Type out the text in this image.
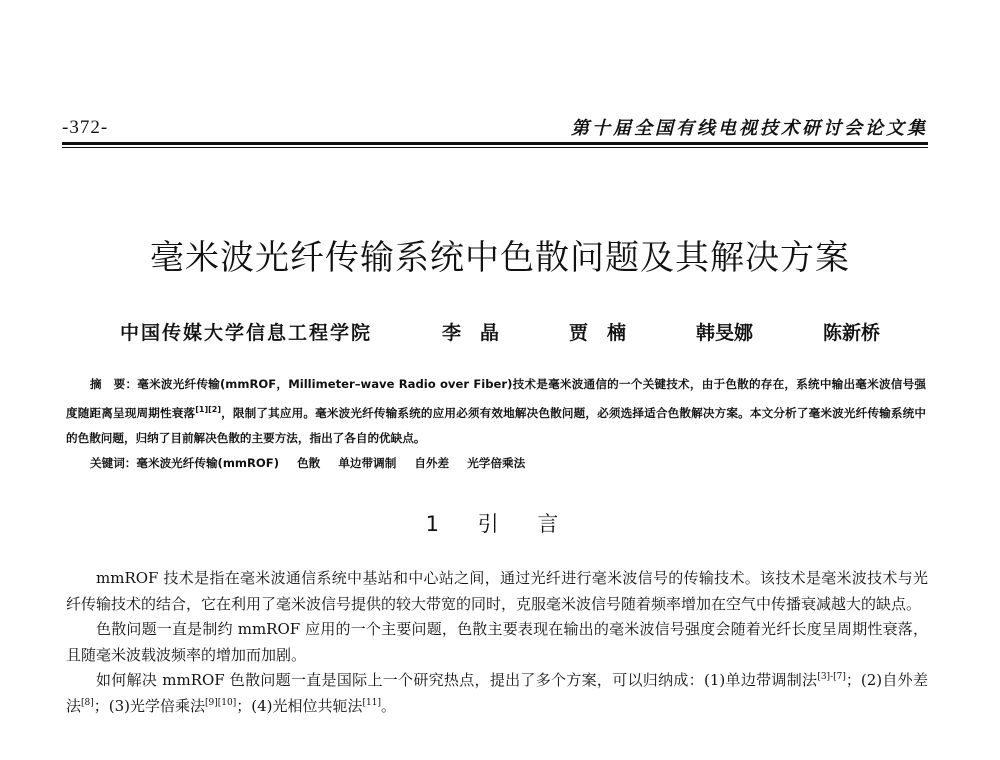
-372-	第十届全国有线电视技术研讨会论文集
毫米波光纤传输系统中色散问题及其解决方案
中国传媒大学信息工程学院	李　晶	贾　楠	韩旻娜	陈新桥
摘　要：毫米波光纤传输(mmROF，Millimeter–wave Radio over Fiber)技术是毫米波通信的一个关键技术，由于色散的存在，系统中输出毫米波信号强度随距离呈现周期性衰落[1][2]，限制了其应用。毫米波光纤传输系统的应用必须有效地解决色散问题，必须选择适合色散解决方案。本文分析了毫米波光纤传输系统中的色散问题，归纳了目前解决色散的主要方法，指出了各自的优缺点。
关键词：毫米波光纤传输(mmROF) 色散 单边带调制 自外差 光学倍乘法
1 引 言

mmROF 技术是指在毫米波通信系统中基站和中心站之间，通过光纤进行毫米波信号的传输技术。该技术是毫米波技术与光纤传输技术的结合，它在利用了毫米波信号提供的较大带宽的同时，克服毫米波信号随着频率增加在空气中传播衰减越大的缺点。

色散问题一直是制约 mmROF 应用的一个主要问题，色散主要表现在输出的毫米波信号强度会随着光纤长度呈周期性衰落，且随毫米波载波频率的增加而加剧。

如何解决 mmROF 色散问题一直是国际上一个研究热点，提出了多个方案，可以归纳成：(1)单边带调制法[3]-[7]；(2)自外差法[8]；(3)光学倍乘法[9][10]；(4)光相位共轭法[11]。
